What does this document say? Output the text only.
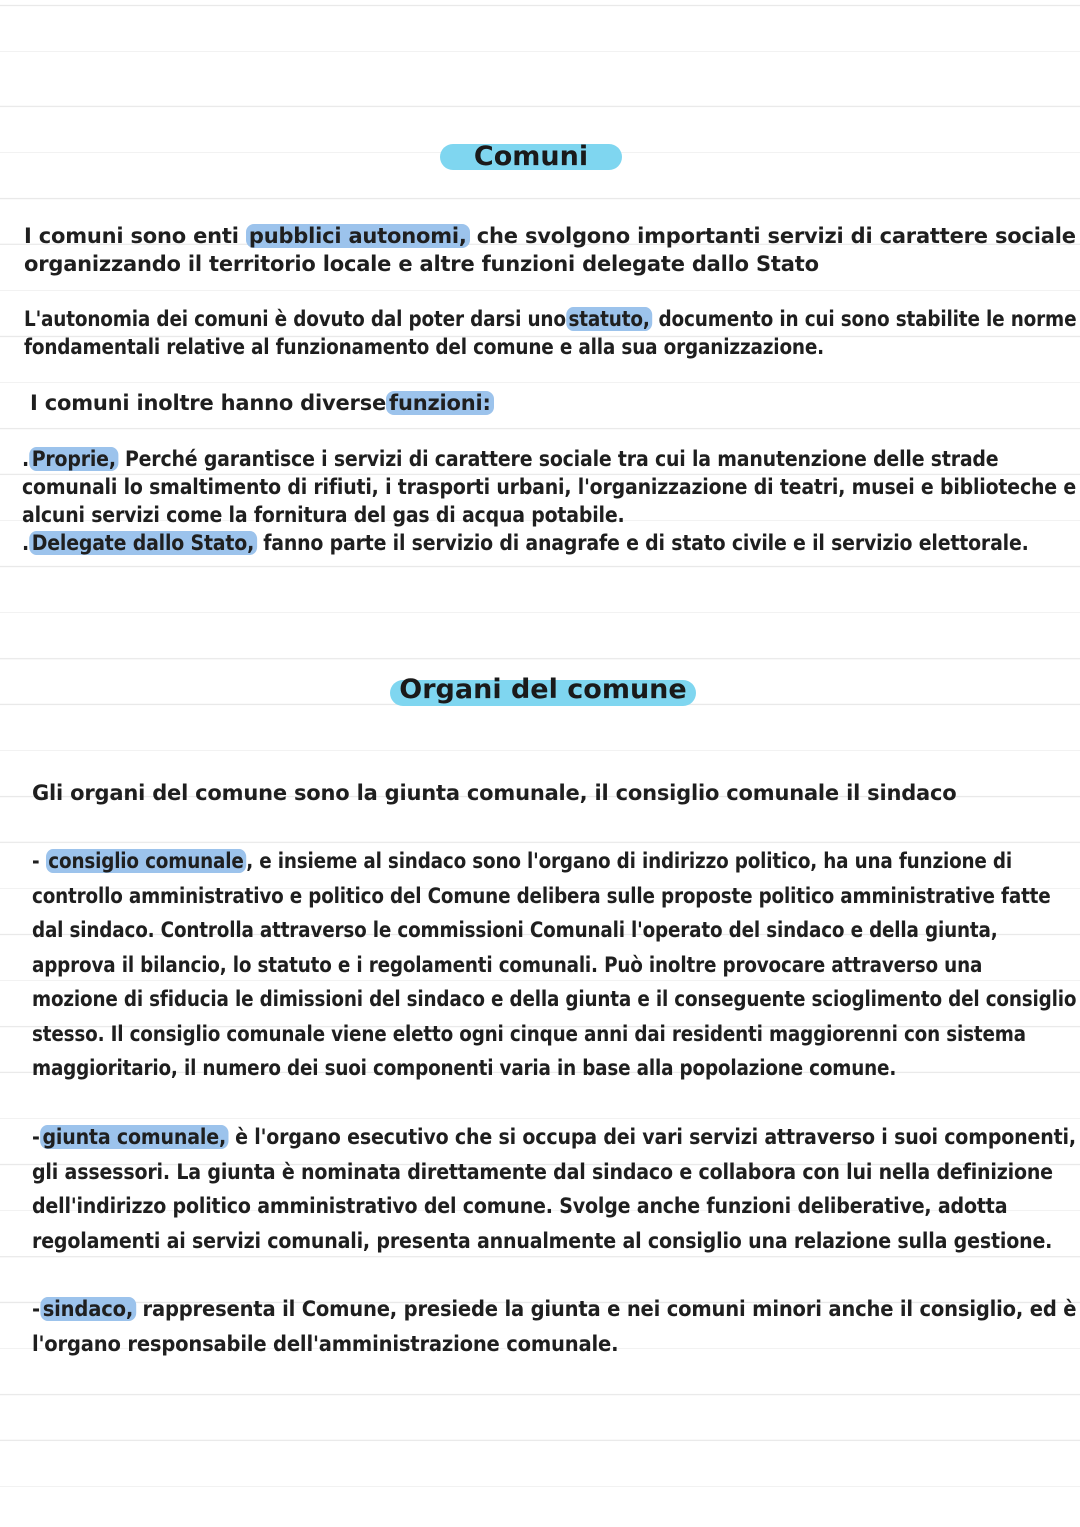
Comuni
I comuni sono enti pubblici autonomi, che svolgono importanti servizi di carattere sociale
organizzando il territorio locale e altre funzioni delegate dallo Stato
L'autonomia dei comuni è dovuto dal poter darsi uno statuto, documento in cui sono stabilite le norme
fondamentali relative al funzionamento del comune e alla sua organizzazione.
I comuni inoltre hanno diverse funzioni:
. Proprie, Perché garantisce i servizi di carattere sociale tra cui la manutenzione delle strade
comunali lo smaltimento di rifiuti, i trasporti urbani, l'organizzazione di teatri, musei e biblioteche e
alcuni servizi come la fornitura del gas di acqua potabile.
. Delegate dallo Stato, fanno parte il servizio di anagrafe e di stato civile e il servizio elettorale.
Organi del comune
Gli organi del comune sono la giunta comunale, il consiglio comunale il sindaco
- consiglio comunale , e insieme al sindaco sono l'organo di indirizzo politico, ha una funzione di
controllo amministrativo e politico del Comune delibera sulle proposte politico amministrative fatte
dal sindaco. Controlla attraverso le commissioni Comunali l'operato del sindaco e della giunta,
approva il bilancio, lo statuto e i regolamenti comunali. Può inoltre provocare attraverso una
mozione di sfiducia le dimissioni del sindaco e della giunta e il conseguente scioglimento del consiglio
stesso. Il consiglio comunale viene eletto ogni cinque anni dai residenti maggiorenni con sistema
maggioritario, il numero dei suoi componenti varia in base alla popolazione comune.
- giunta comunale, è l'organo esecutivo che si occupa dei vari servizi attraverso i suoi componenti,
gli assessori. La giunta è nominata direttamente dal sindaco e collabora con lui nella definizione
dell'indirizzo politico amministrativo del comune. Svolge anche funzioni deliberative, adotta
regolamenti ai servizi comunali, presenta annualmente al consiglio una relazione sulla gestione.
- sindaco, rappresenta il Comune, presiede la giunta e nei comuni minori anche il consiglio, ed è
l'organo responsabile dell'amministrazione comunale.
